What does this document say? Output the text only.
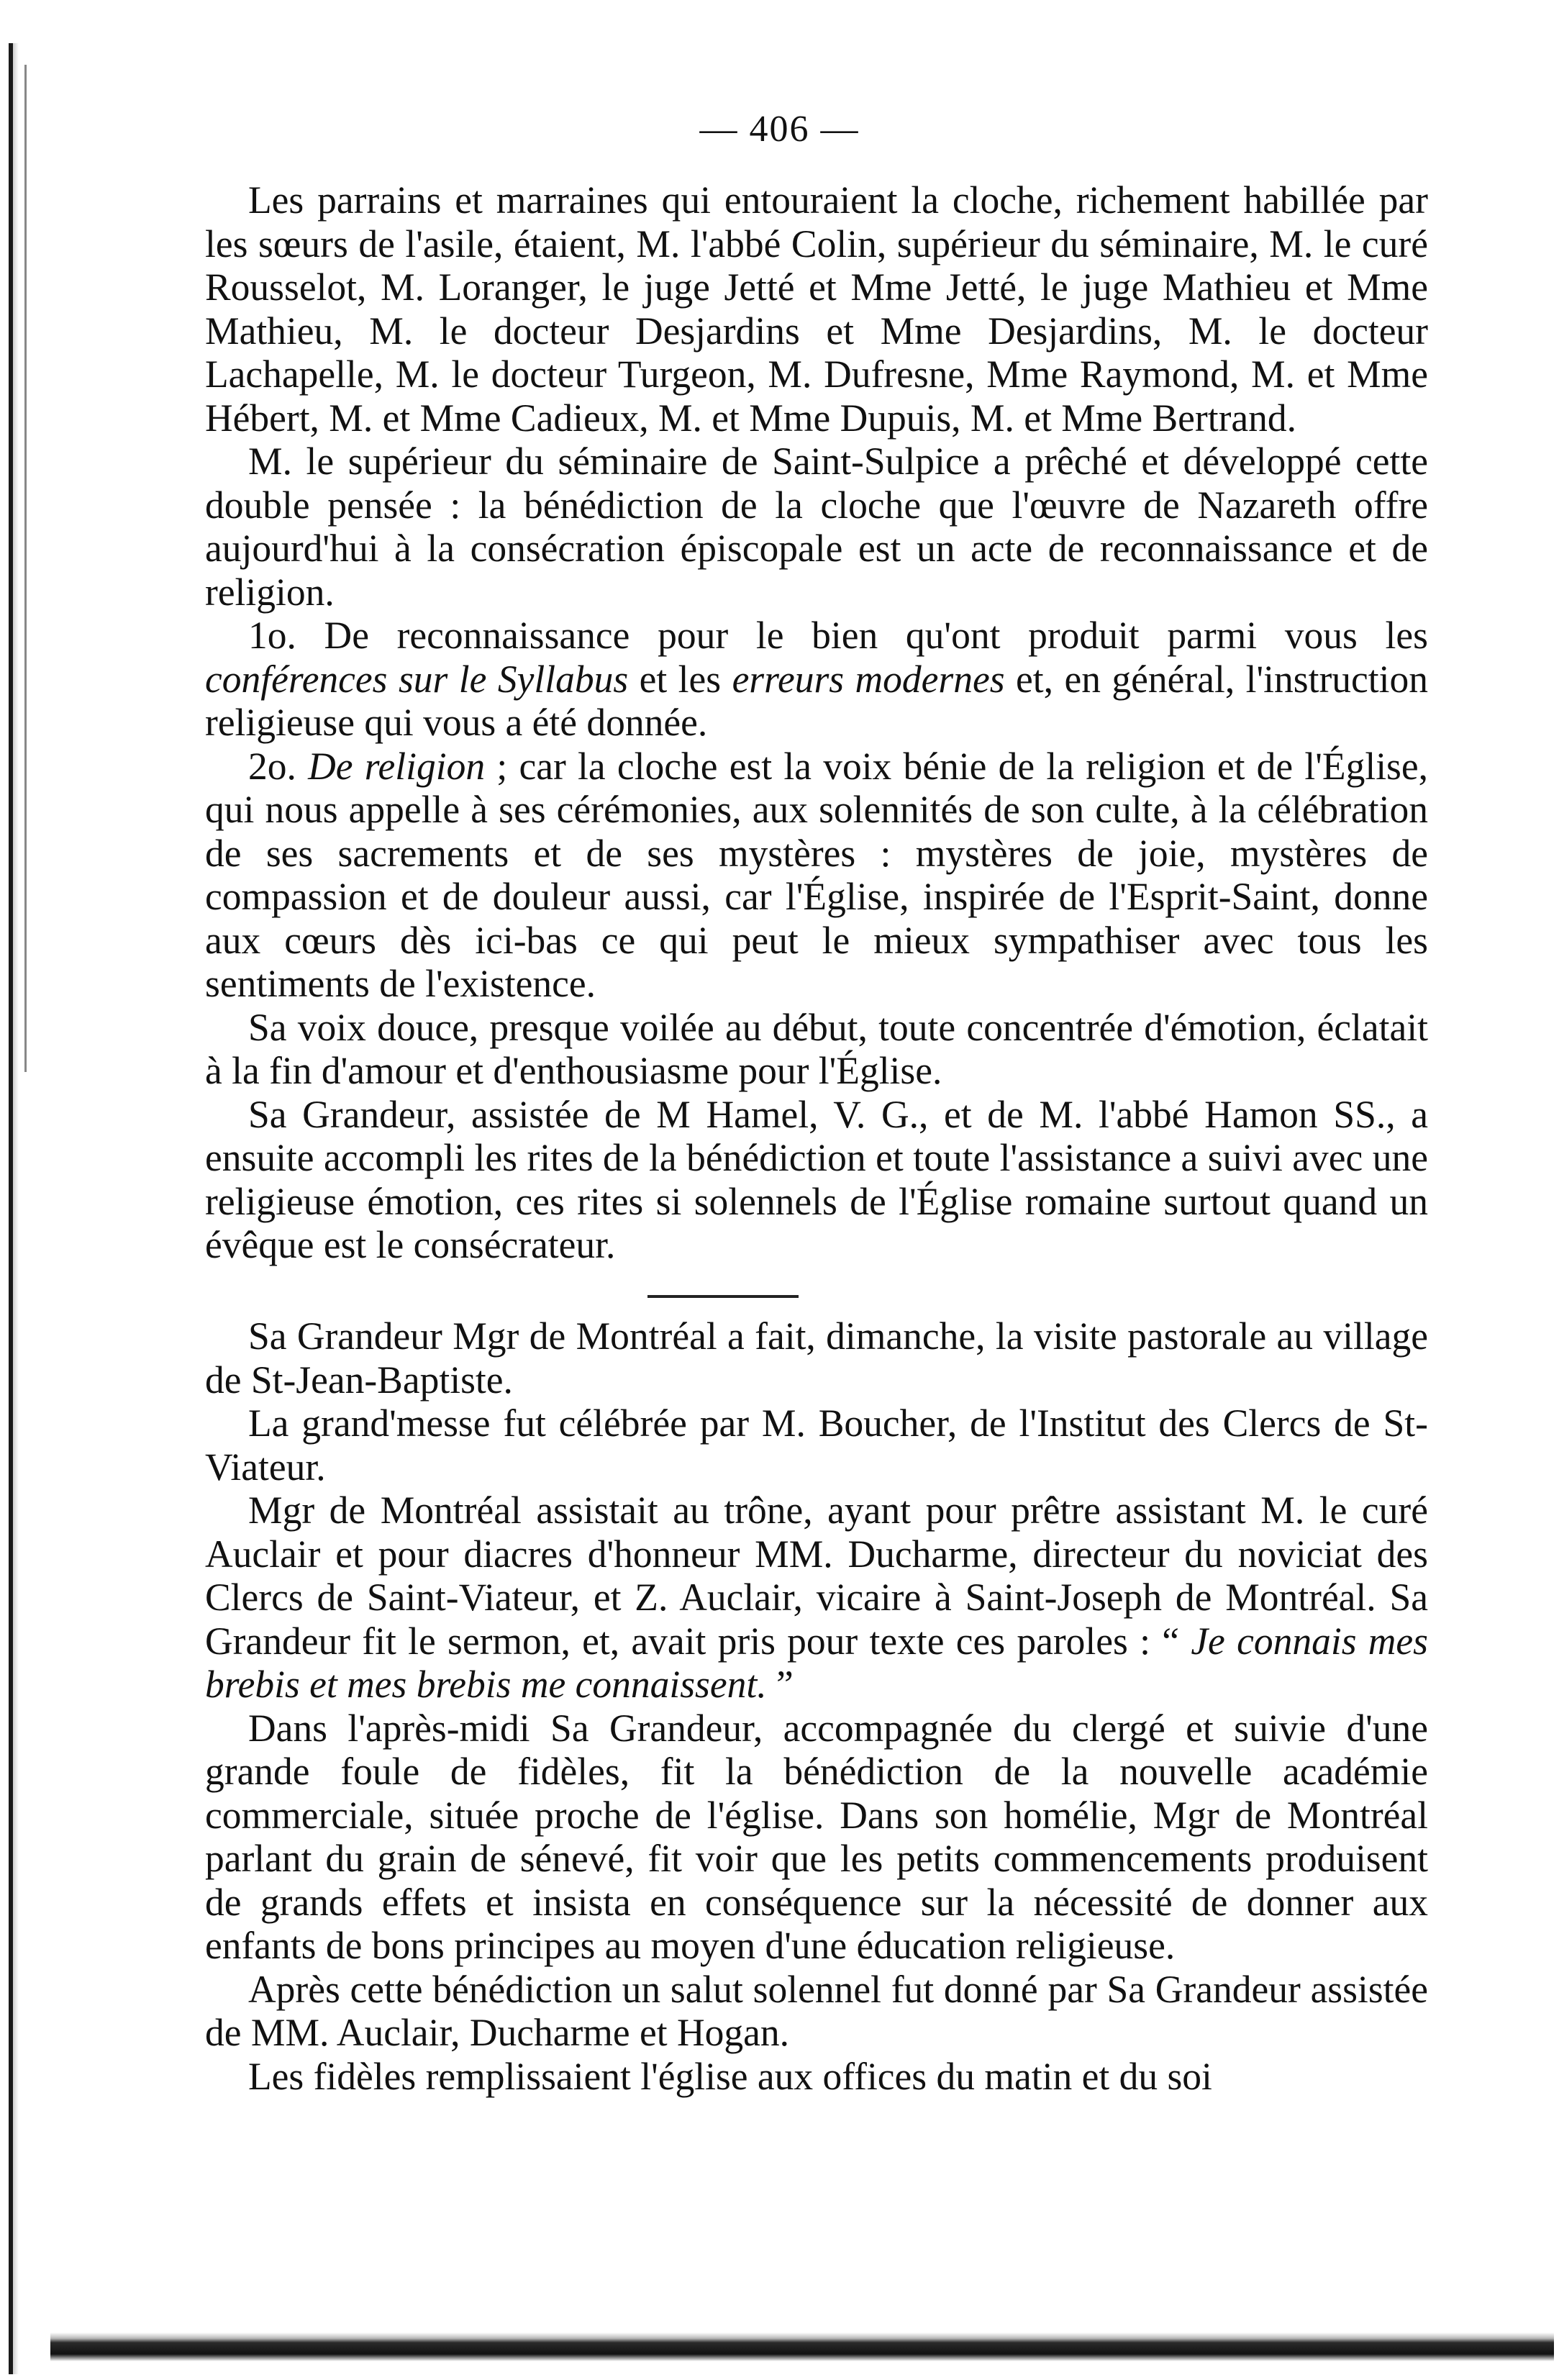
— 406 —

Les parrains et marraines qui entouraient la cloche, richement habillée par les sœurs de l'asile, étaient, M. l'abbé Colin, supérieur du séminaire, M. le curé Rousselot, M. Loranger, le juge Jetté et Mme Jetté, le juge Mathieu et Mme Mathieu, M. le docteur Desjardins et Mme Desjardins, M. le docteur Lachapelle, M. le docteur Turgeon, M. Dufresne, Mme Raymond, M. et Mme Hébert, M. et Mme Cadieux, M. et Mme Dupuis, M. et Mme Bertrand.

M. le supérieur du séminaire de Saint-Sulpice a prêché et développé cette double pensée : la bénédiction de la cloche que l'œuvre de Nazareth offre aujourd'hui à la consécration épiscopale est un acte de reconnaissance et de religion.

1o. De reconnaissance pour le bien qu'ont produit parmi vous les conférences sur le Syllabus et les erreurs modernes et, en général, l'instruction religieuse qui vous a été donnée.

2o. De religion ; car la cloche est la voix bénie de la religion et de l'Église, qui nous appelle à ses cérémonies, aux solennités de son culte, à la célébration de ses sacrements et de ses mystères : mystères de joie, mystères de compassion et de douleur aussi, car l'Église, inspirée de l'Esprit-Saint, donne aux cœurs dès ici-bas ce qui peut le mieux sympathiser avec tous les sentiments de l'existence.

Sa voix douce, presque voilée au début, toute concentrée d'émotion, éclatait à la fin d'amour et d'enthousiasme pour l'Église.

Sa Grandeur, assistée de M Hamel, V. G., et de M. l'abbé Hamon SS., a ensuite accompli les rites de la bénédiction et toute l'assistance a suivi avec une religieuse émotion, ces rites si solennels de l'Église romaine surtout quand un évêque est le consécrateur.

Sa Grandeur Mgr de Montréal a fait, dimanche, la visite pastorale au village de St-Jean-Baptiste.

La grand'messe fut célébrée par M. Boucher, de l'Institut des Clercs de St-Viateur.

Mgr de Montréal assistait au trône, ayant pour prêtre assistant M. le curé Auclair et pour diacres d'honneur MM. Ducharme, directeur du noviciat des Clercs de Saint-Viateur, et Z. Auclair, vicaire à Saint-Joseph de Montréal. Sa Grandeur fit le sermon, et, avait pris pour texte ces paroles : “ Je connais mes brebis et mes brebis me connaissent. ”

Dans l'après-midi Sa Grandeur, accompagnée du clergé et suivie d'une grande foule de fidèles, fit la bénédiction de la nouvelle académie commerciale, située proche de l'église. Dans son homélie, Mgr de Montréal parlant du grain de sénevé, fit voir que les petits commencements produisent de grands effets et insista en conséquence sur la nécessité de donner aux enfants de bons principes au moyen d'une éducation religieuse.

Après cette bénédiction un salut solennel fut donné par Sa Grandeur assistée de MM. Auclair, Ducharme et Hogan.

Les fidèles remplissaient l'église aux offices du matin et du soi
